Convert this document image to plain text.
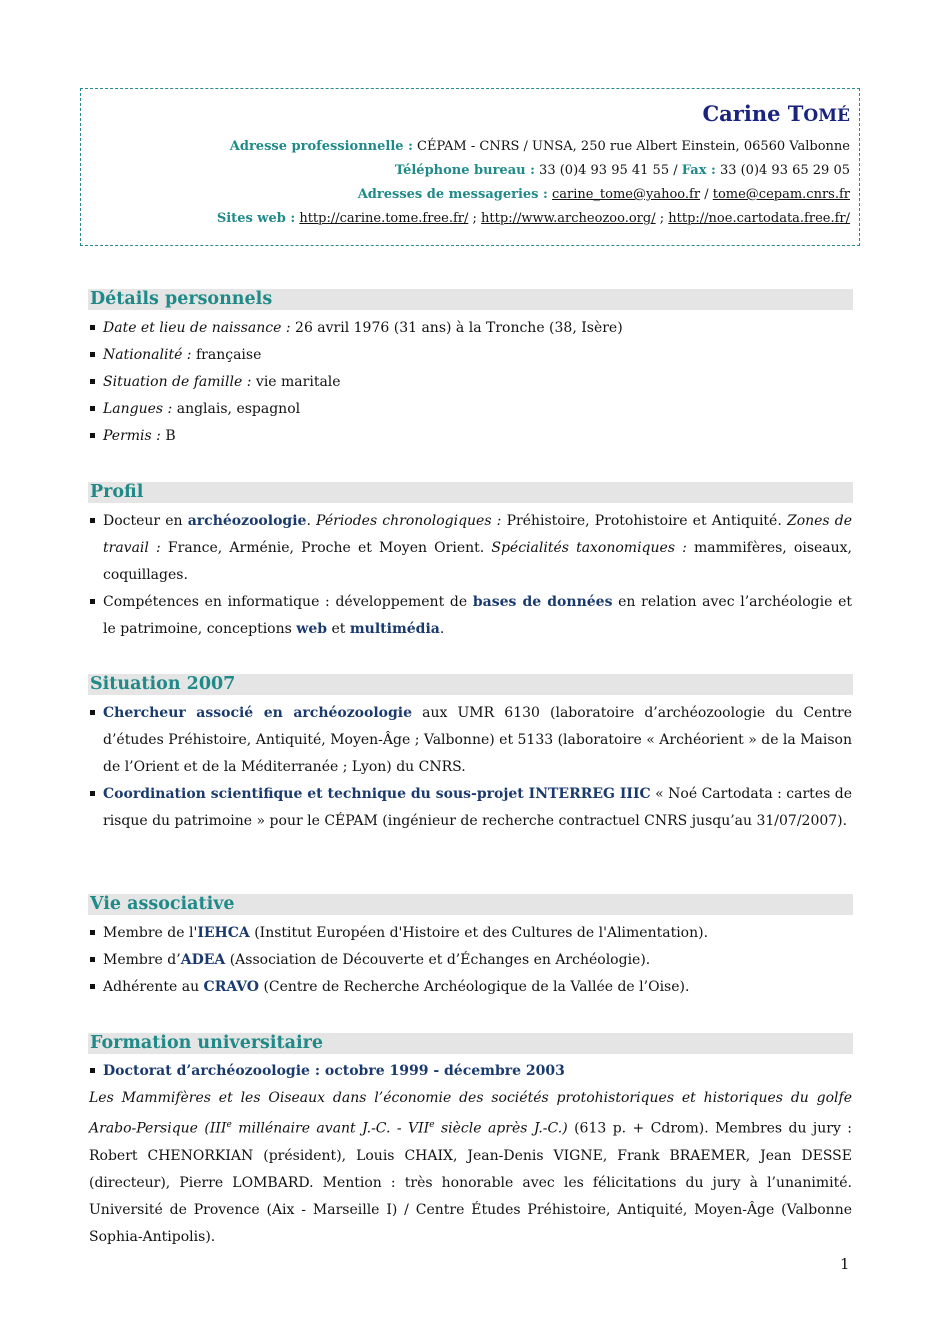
Carine TOMÉ
Adresse professionnelle : CÉPAM - CNRS / UNSA, 250 rue Albert Einstein, 06560 Valbonne
Téléphone bureau : 33 (0)4 93 95 41 55 / Fax : 33 (0)4 93 65 29 05
Adresses de messageries : carine_tome@yahoo.fr / tome@cepam.cnrs.fr
Sites web : http://carine.tome.free.fr/ ; http://www.archeozoo.org/ ; http://noe.cartodata.free.fr/
Détails personnels
Date et lieu de naissance : 26 avril 1976 (31 ans) à la Tronche (38, Isère)
Nationalité : française
Situation de famille : vie maritale
Langues : anglais, espagnol
Permis : B
Profil
Docteur en archéozoologie. Périodes chronologiques : Préhistoire, Protohistoire et Antiquité. Zones de travail : France, Arménie, Proche et Moyen Orient. Spécialités taxonomiques : mammifères, oiseaux, coquillages.
Compétences en informatique : développement de bases de données en relation avec l’archéologie et le patrimoine, conceptions web et multimédia.
Situation 2007
Chercheur associé en archéozoologie aux UMR 6130 (laboratoire d’archéozoologie du Centre d’études Préhistoire, Antiquité, Moyen-Âge ; Valbonne) et 5133 (laboratoire « Archéorient » de la Maison de l’Orient et de la Méditerranée ; Lyon) du CNRS.
Coordination scientifique et technique du sous-projet INTERREG IIIC « Noé Cartodata : cartes de risque du patrimoine » pour le CÉPAM (ingénieur de recherche contractuel CNRS jusqu’au 31/07/2007).
Vie associative
Membre de l'IEHCA (Institut Européen d'Histoire et des Cultures de l'Alimentation).
Membre d’ADEA (Association de Découverte et d’Échanges en Archéologie).
Adhérente au CRAVO (Centre de Recherche Archéologique de la Vallée de l’Oise).
Formation universitaire
Doctorat d’archéozoologie : octobre 1999 - décembre 2003
Les Mammifères et les Oiseaux dans l’économie des sociétés protohistoriques et historiques du golfe Arabo-Persique (IIIe millénaire avant J.-C. - VIIe siècle après J.-C.) (613 p. + Cdrom). Membres du jury : Robert CHENORKIAN (président), Louis CHAIX, Jean-Denis VIGNE, Frank BRAEMER, Jean DESSE (directeur), Pierre LOMBARD. Mention : très honorable avec les félicitations du jury à l’unanimité. Université de Provence (Aix - Marseille I) / Centre Études Préhistoire, Antiquité, Moyen-Âge (Valbonne Sophia-Antipolis).
1
